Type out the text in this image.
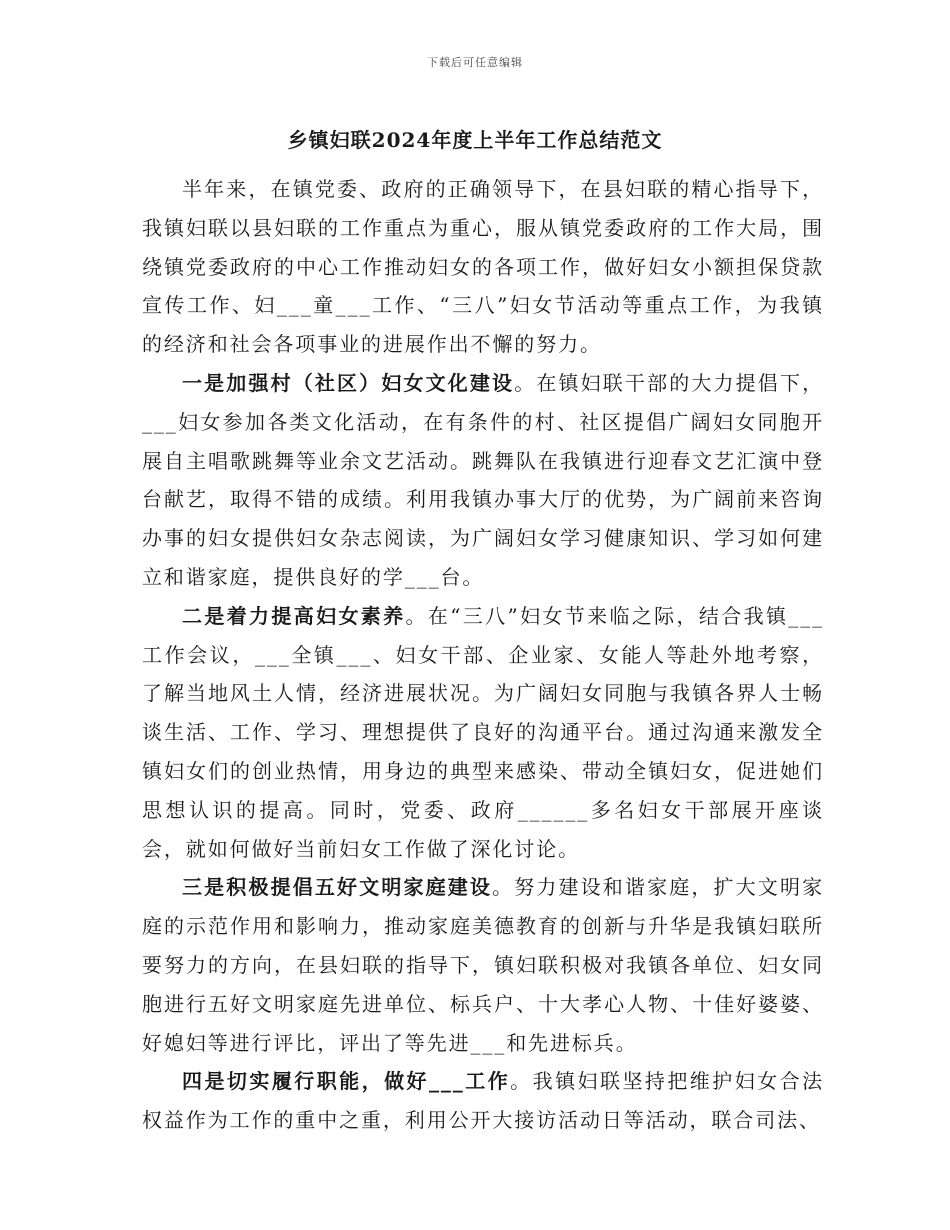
下载后可任意编辑
乡镇妇联2024年度上半年工作总结范文

半年来，在镇党委、政府的正确领导下，在县妇联的精心指导下，我镇妇联以县妇联的工作重点为重心，服从镇党委政府的工作大局，围绕镇党委政府的中心工作推动妇女的各项工作，做好妇女小额担保贷款宣传工作、妇___童___工作、“三八”妇女节活动等重点工作，为我镇的经济和社会各项事业的进展作出不懈的努力。

一是加强村（社区）妇女文化建设。在镇妇联干部的大力提倡下，___妇女参加各类文化活动，在有条件的村、社区提倡广阔妇女同胞开展自主唱歌跳舞等业余文艺活动。跳舞队在我镇进行迎春文艺汇演中登台献艺，取得不错的成绩。利用我镇办事大厅的优势，为广阔前来咨询办事的妇女提供妇女杂志阅读，为广阔妇女学习健康知识、学习如何建立和谐家庭，提供良好的学___台。

二是着力提高妇女素养。在“三八”妇女节来临之际，结合我镇___工作会议，___全镇___、妇女干部、企业家、女能人等赴外地考察，了解当地风土人情，经济进展状况。为广阔妇女同胞与我镇各界人士畅谈生活、工作、学习、理想提供了良好的沟通平台。通过沟通来激发全镇妇女们的创业热情，用身边的典型来感染、带动全镇妇女，促进她们思想认识的提高。同时，党委、政府______多名妇女干部展开座谈会，就如何做好当前妇女工作做了深化讨论。

三是积极提倡五好文明家庭建设。努力建设和谐家庭，扩大文明家庭的示范作用和影响力，推动家庭美德教育的创新与升华是我镇妇联所要努力的方向，在县妇联的指导下，镇妇联积极对我镇各单位、妇女同胞进行五好文明家庭先进单位、标兵户、十大孝心人物、十佳好婆婆、好媳妇等进行评比，评出了等先进___和先进标兵。

四是切实履行职能，做好___工作。我镇妇联坚持把维护妇女合法权益作为工作的重中之重，利用公开大接访活动日等活动，联合司法、
